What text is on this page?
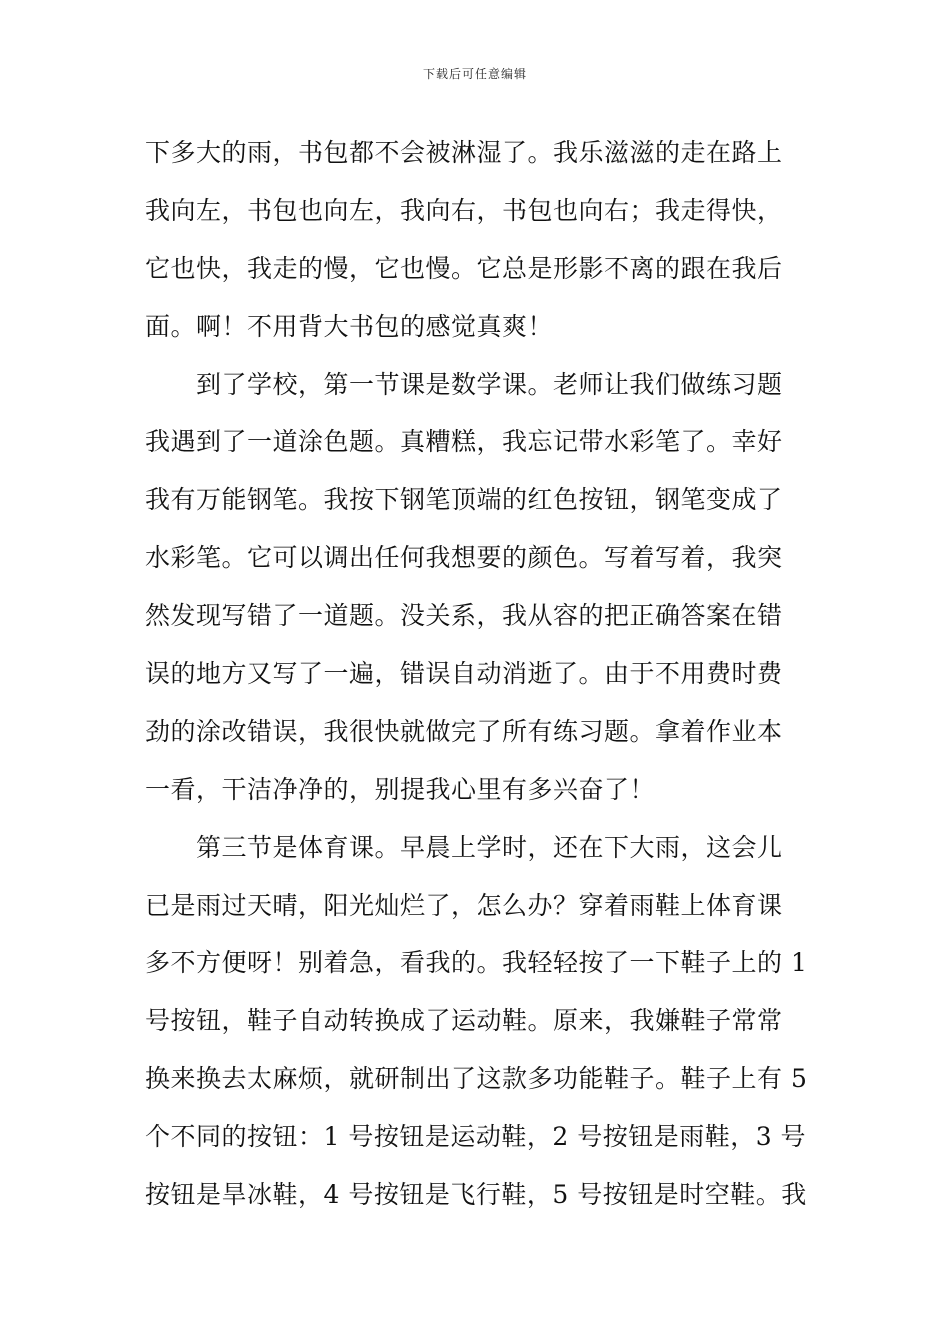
下载后可任意编辑
下多大的雨，书包都不会被淋湿了。我乐滋滋的走在路上
我向左，书包也向左，我向右，书包也向右；我走得快，
它也快，我走的慢，它也慢。它总是形影不离的跟在我后
面。啊！不用背大书包的感觉真爽！
　　到了学校，第一节课是数学课。老师让我们做练习题
我遇到了一道涂色题。真糟糕，我忘记带水彩笔了。幸好
我有万能钢笔。我按下钢笔顶端的红色按钮，钢笔变成了
水彩笔。它可以调出任何我想要的颜色。写着写着，我突
然发现写错了一道题。没关系，我从容的把正确答案在错
误的地方又写了一遍，错误自动消逝了。由于不用费时费
劲的涂改错误，我很快就做完了所有练习题。拿着作业本
一看，干洁净净的，别提我心里有多兴奋了！
　　第三节是体育课。早晨上学时，还在下大雨，这会儿
已是雨过天晴，阳光灿烂了，怎么办？穿着雨鞋上体育课
多不方便呀！别着急，看我的。我轻轻按了一下鞋子上的 1
号按钮，鞋子自动转换成了运动鞋。原来，我嫌鞋子常常
换来换去太麻烦，就研制出了这款多功能鞋子。鞋子上有 5
个不同的按钮：1 号按钮是运动鞋，2 号按钮是雨鞋，3 号
按钮是旱冰鞋，4 号按钮是飞行鞋，5 号按钮是时空鞋。我
